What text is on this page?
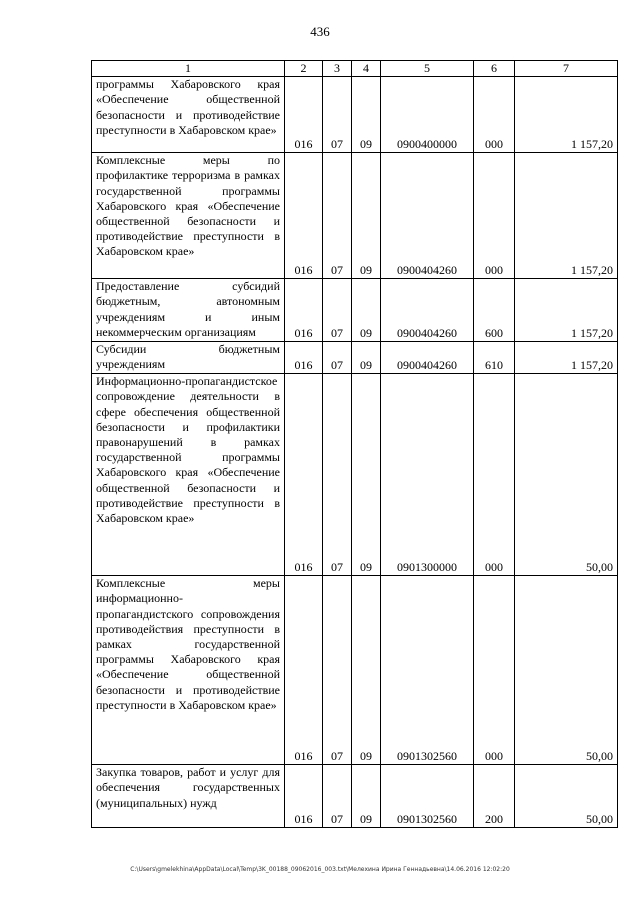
436
1	2	3	4	5	6	7
программы Хабаровского края «Обеспечение общественной безопасности и противодействие преступности в Хабаровском крае»	016	07	09	0900400000	000	1 157,20
Комплексные меры по профилактике терроризма в рамках государственной программы Хабаровского края «Обеспечение общественной безопасности и противодействие преступности в Хабаровском крае»	016	07	09	0900404260	000	1 157,20
Предоставление субсидий бюджетным, автономным учреждениям и иным некоммерческим организациям	016	07	09	0900404260	600	1 157,20
Субсидии бюджетным учреждениям	016	07	09	0900404260	610	1 157,20
Информационно-пропагандистское сопровождение деятельности в сфере обеспечения общественной безопасности и профилактики правонарушений в рамках государственной программы Хабаровского края «Обеспечение общественной безопасности и противодействие преступности в Хабаровском крае»	016	07	09	0901300000	000	50,00
Комплексные меры информационно-пропагандистского сопровождения противодействия преступности в рамках государственной программы Хабаровского края «Обеспечение общественной безопасности и противодействие преступности в Хабаровском крае»	016	07	09	0901302560	000	50,00
Закупка товаров, работ и услуг для обеспечения государственных (муниципальных) нужд	016	07	09	0901302560	200	50,00
C:\Users\gmelekhina\AppData\Local\Temp\3K_00188_09062016_003.txt\Мелехина Ирина Геннадьевна\14.06.2016 12:02:20
